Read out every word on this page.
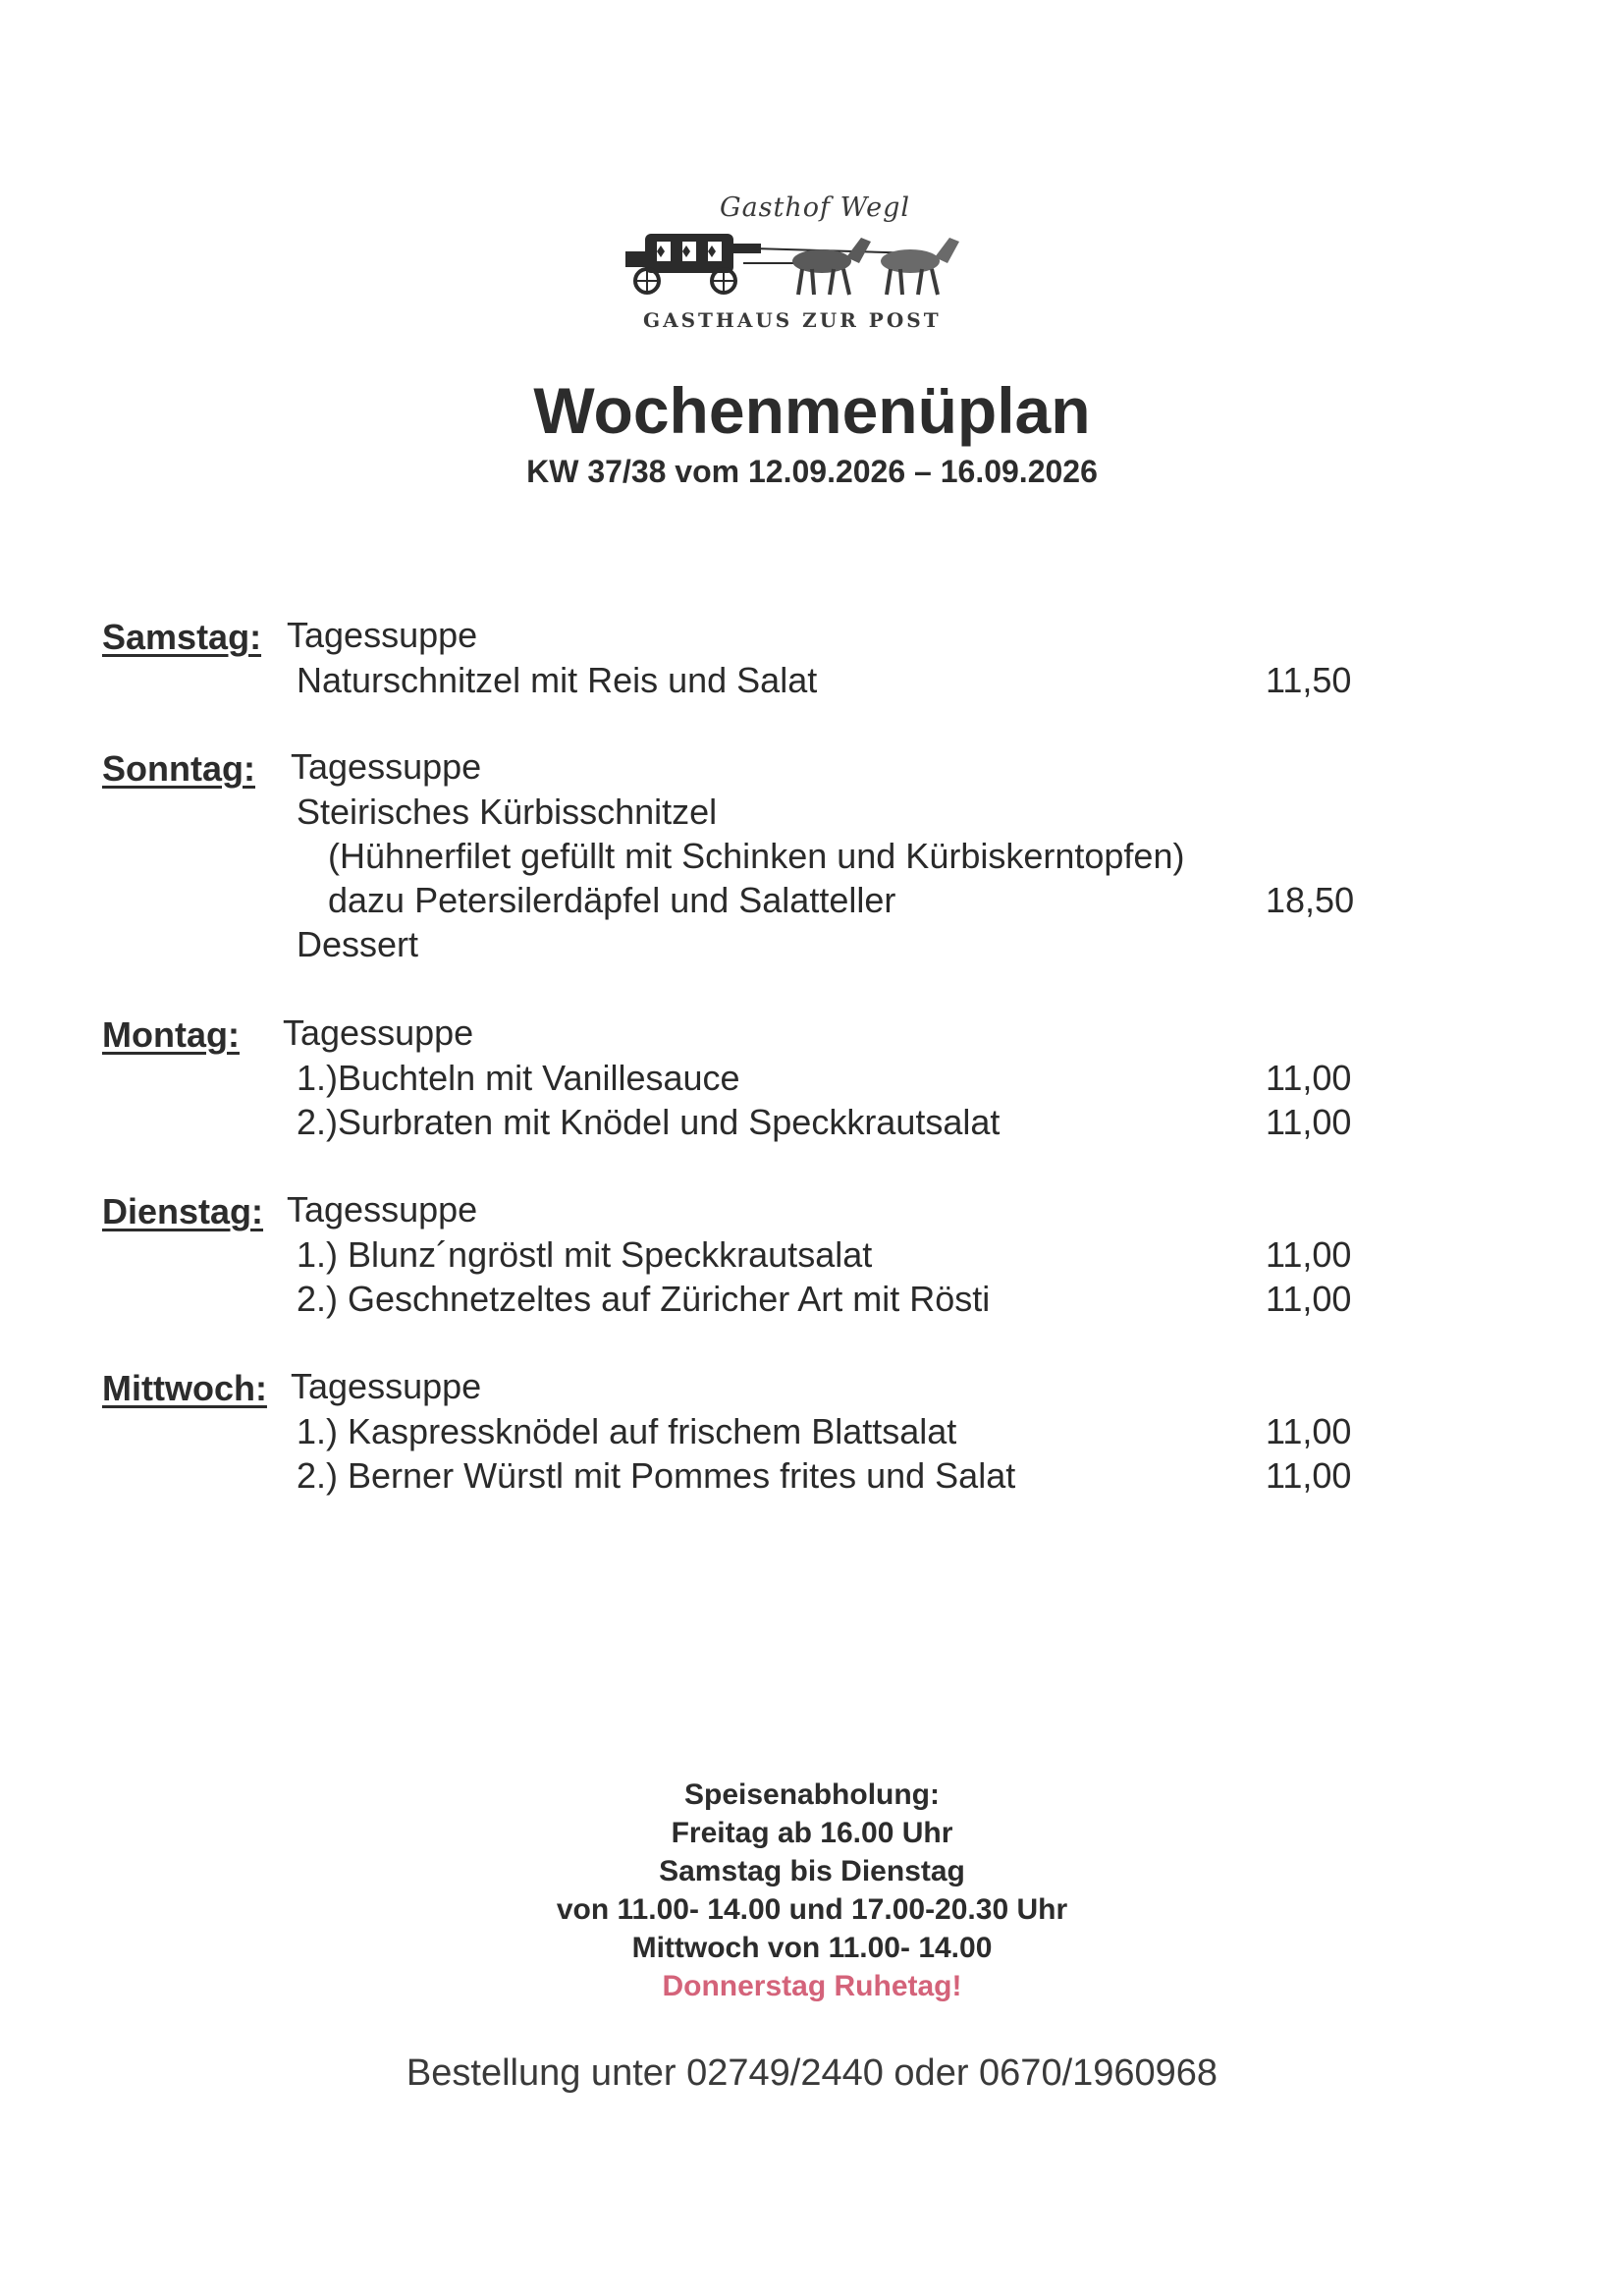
Gasthof Wegl
GASTHAUS ZUR POST
Wochenmenüplan
KW 37/38 vom 12.09.2026 – 16.09.2026
Samstag: Tagessuppe
Naturschnitzel mit Reis und Salat	11,50
Sonntag: Tagessuppe
Steirisches Kürbisschnitzel
(Hühnerfilet gefüllt mit Schinken und Kürbiskerntopfen)
dazu Petersilerdäpfel und Salatteller	18,50
Dessert
Montag: Tagessuppe
1.)Buchteln mit Vanillesauce	11,00
2.)Surbraten mit Knödel und Speckkrautsalat	11,00
Dienstag: Tagessuppe
1.) Blunz´ngröstl mit Speckkrautsalat	11,00
2.) Geschnetzeltes auf Züricher Art mit Rösti	11,00
Mittwoch: Tagessuppe
1.) Kaspressknödel auf frischem Blattsalat	11,00
2.) Berner Würstl mit Pommes frites und Salat	11,00
Speisenabholung:
Freitag ab 16.00 Uhr
Samstag bis Dienstag
von 11.00- 14.00 und 17.00-20.30 Uhr
Mittwoch von 11.00- 14.00
Donnerstag Ruhetag!
Bestellung unter 02749/2440 oder 0670/1960968
